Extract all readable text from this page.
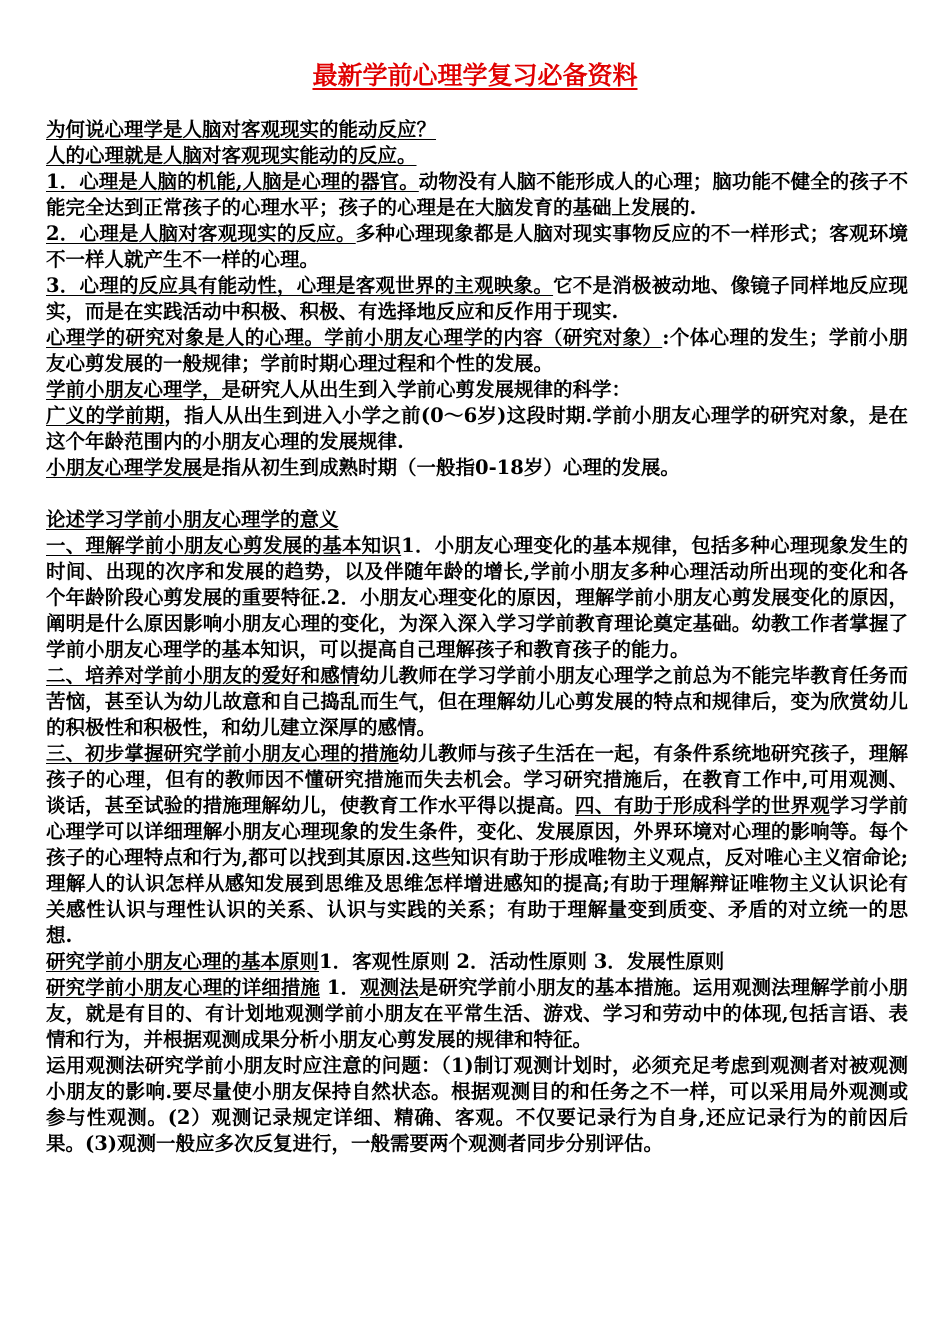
最新学前心理学复习必备资料

为何说心理学是人脑对客观现实的能动反应？

人的心理就是人脑对客观现实能动的反应。

1．心理是人脑的机能,人脑是心理的器官。动物没有人脑不能形成人的心理；脑功能不健全的孩子不能完全达到正常孩子的心理水平；孩子的心理是在大脑发育的基础上发展的.

2．心理是人脑对客观现实的反应。多种心理现象都是人脑对现实事物反应的不一样形式；客观环境不一样人就产生不一样的心理。

3．心理的反应具有能动性，心理是客观世界的主观映象。它不是消极被动地、像镜子同样地反应现实，而是在实践活动中积极、积极、有选择地反应和反作用于现实.

心理学的研究对象是人的心理。学前小朋友心理学的内容（研究对象）:个体心理的发生；学前小朋友心剪发展的一般规律；学前时期心理过程和个性的发展。

学前小朋友心理学，是研究人从出生到入学前心剪发展规律的科学：

广义的学前期，指人从出生到进入小学之前(0～6岁)这段时期.学前小朋友心理学的研究对象，是在这个年龄范围内的小朋友心理的发展规律.

小朋友心理学发展是指从初生到成熟时期（一般指0-18岁）心理的发展。

论述学习学前小朋友心理学的意义

一、理解学前小朋友心剪发展的基本知识1．小朋友心理变化的基本规律，包括多种心理现象发生的时间、出现的次序和发展的趋势，以及伴随年龄的增长,学前小朋友多种心理活动所出现的变化和各个年龄阶段心剪发展的重要特征.2．小朋友心理变化的原因，理解学前小朋友心剪发展变化的原因，阐明是什么原因影响小朋友心理的变化，为深入深入学习学前教育理论奠定基础。幼教工作者掌握了学前小朋友心理学的基本知识，可以提高自己理解孩子和教育孩子的能力。

二、培养对学前小朋友的爱好和感情幼儿教师在学习学前小朋友心理学之前总为不能完毕教育任务而苦恼，甚至认为幼儿故意和自己捣乱而生气，但在理解幼儿心剪发展的特点和规律后，变为欣赏幼儿的积极性和积极性，和幼儿建立深厚的感情。

三、初步掌握研究学前小朋友心理的措施幼儿教师与孩子生活在一起，有条件系统地研究孩子，理解孩子的心理，但有的教师因不懂研究措施而失去机会。学习研究措施后，在教育工作中,可用观测、谈话，甚至试验的措施理解幼儿，使教育工作水平得以提高。四、有助于形成科学的世界观学习学前心理学可以详细理解小朋友心理现象的发生条件，变化、发展原因，外界环境对心理的影响等。每个孩子的心理特点和行为,都可以找到其原因.这些知识有助于形成唯物主义观点，反对唯心主义宿命论;理解人的认识怎样从感知发展到思维及思维怎样增进感知的提高;有助于理解辩证唯物主义认识论有关感性认识与理性认识的关系、认识与实践的关系；有助于理解量变到质变、矛盾的对立统一的思想.

研究学前小朋友心理的基本原则1．客观性原则 2．活动性原则 3．发展性原则

研究学前小朋友心理的详细措施 1．观测法是研究学前小朋友的基本措施。运用观测法理解学前小朋友，就是有目的、有计划地观测学前小朋友在平常生活、游戏、学习和劳动中的体现,包括言语、表情和行为，并根据观测成果分析小朋友心剪发展的规律和特征。

运用观测法研究学前小朋友时应注意的问题：（1)制订观测计划时，必须充足考虑到观测者对被观测小朋友的影响.要尽量使小朋友保持自然状态。根据观测目的和任务之不一样，可以采用局外观测或参与性观测。(2）观测记录规定详细、精确、客观。不仅要记录行为自身,还应记录行为的前因后果。(3)观测一般应多次反复进行，一般需要两个观测者同步分别评估。
